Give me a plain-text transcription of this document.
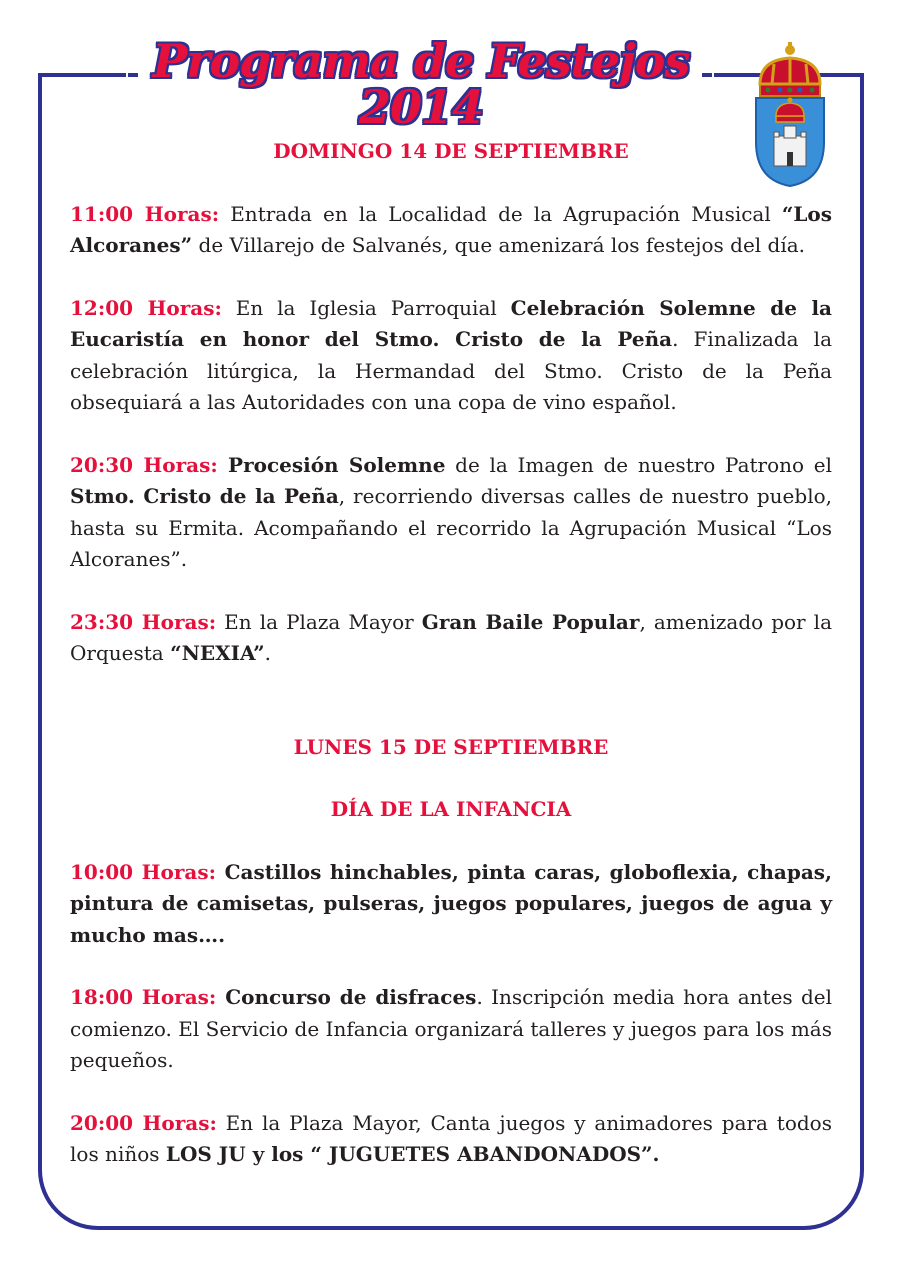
Programa de Festejos 2014

DOMINGO 14 DE SEPTIEMBRE

11:00 Horas: Entrada en la Localidad de la Agrupación Musical “Los Alcoranes” de Villarejo de Salvanés, que amenizará los festejos del día.

12:00 Horas: En la Iglesia Parroquial Celebración Solemne de la Eucaristía en honor del Stmo. Cristo de la Peña. Finalizada la celebración litúrgica, la Hermandad del Stmo. Cristo de la Peña obsequiará a las Autoridades con una copa de vino español.

20:30 Horas: Procesión Solemne de la Imagen de nuestro Patrono el Stmo. Cristo de la Peña, recorriendo diversas calles de nuestro pueblo, hasta su Ermita. Acompañando el recorrido la Agrupación Musical “Los Alcoranes”.

23:30 Horas: En la Plaza Mayor Gran Baile Popular, amenizado por la Orquesta “NEXIA”.

LUNES 15 DE SEPTIEMBRE

DÍA DE LA INFANCIA

10:00 Horas: Castillos hinchables, pinta caras, globoflexia, chapas, pintura de camisetas, pulseras, juegos populares, juegos de agua y mucho mas….

18:00 Horas: Concurso de disfraces. Inscripción media hora antes del comienzo. El Servicio de Infancia organizará talleres y juegos para los más pequeños.

20:00 Horas: En la Plaza Mayor, Canta juegos y animadores para todos los niños LOS JU y los “ JUGUETES ABANDONADOS”.
